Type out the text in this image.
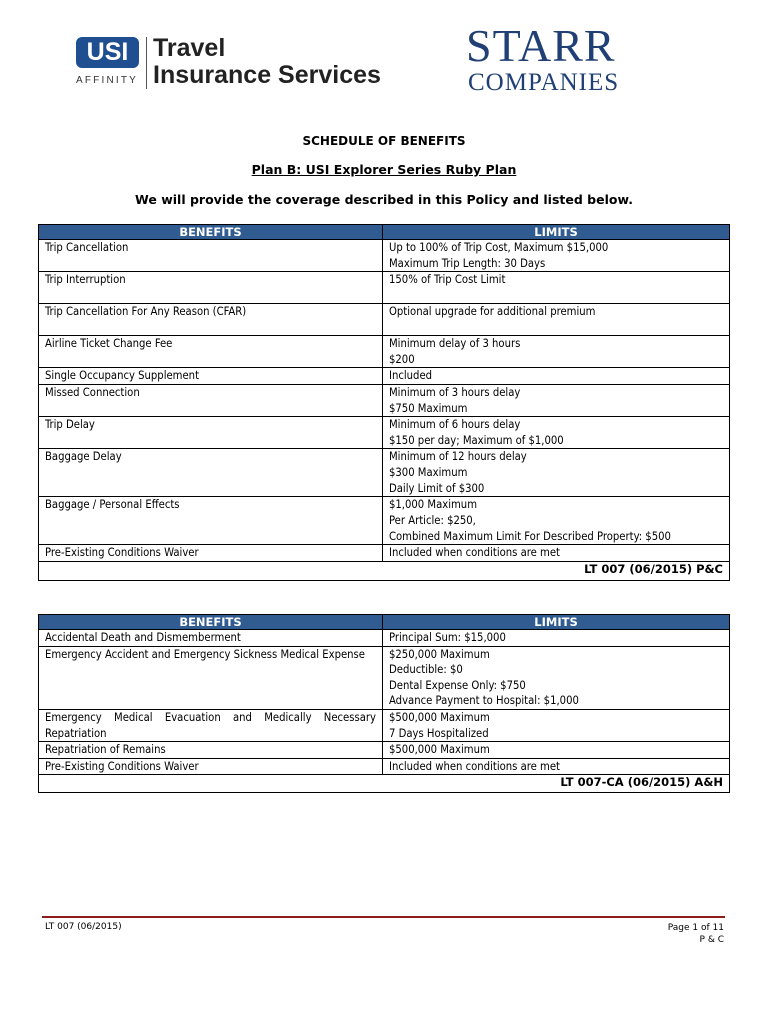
USI
AFFINITY
Travel
Insurance Services
STARR
COMPANIES
SCHEDULE OF BENEFITS
Plan B: USI Explorer Series Ruby Plan
We will provide the coverage described in this Policy and listed below.
BENEFITS	LIMITS
Trip Cancellation	Up to 100% of Trip Cost, Maximum $15,000
Maximum Trip Length: 30 Days

Trip Interruption	150% of Trip Cost Limit

Trip Cancellation For Any Reason (CFAR)	Optional upgrade for additional premium

Airline Ticket Change Fee	Minimum delay of 3 hours
$200

Single Occupancy Supplement	Included

Missed Connection	Minimum of 3 hours delay
$750 Maximum

Trip Delay	Minimum of 6 hours delay
$150 per day; Maximum of $1,000

Baggage Delay	Minimum of 12 hours delay
$300 Maximum
Daily Limit of $300

Baggage / Personal Effects	$1,000 Maximum
Per Article: $250,
Combined Maximum Limit For Described Property: $500

Pre-Existing Conditions Waiver	Included when conditions are met

LT 007 (06/2015) P&C	
BENEFITS	LIMITS
Accidental Death and Dismemberment	Principal Sum: $15,000

Emergency Accident and Emergency Sickness Medical Expense	$250,000 Maximum
Deductible: $0
Dental Expense Only: $750
Advance Payment to Hospital: $1,000

Emergency Medical Evacuation and Medically Necessary Repatriation	$500,000 Maximum
7 Days Hospitalized

Repatriation of Remains	$500,000 Maximum

Pre-Existing Conditions Waiver	Included when conditions are met

LT 007-CA (06/2015) A&H	
LT 007 (06/2015)	Page 1 of 11
P & C
